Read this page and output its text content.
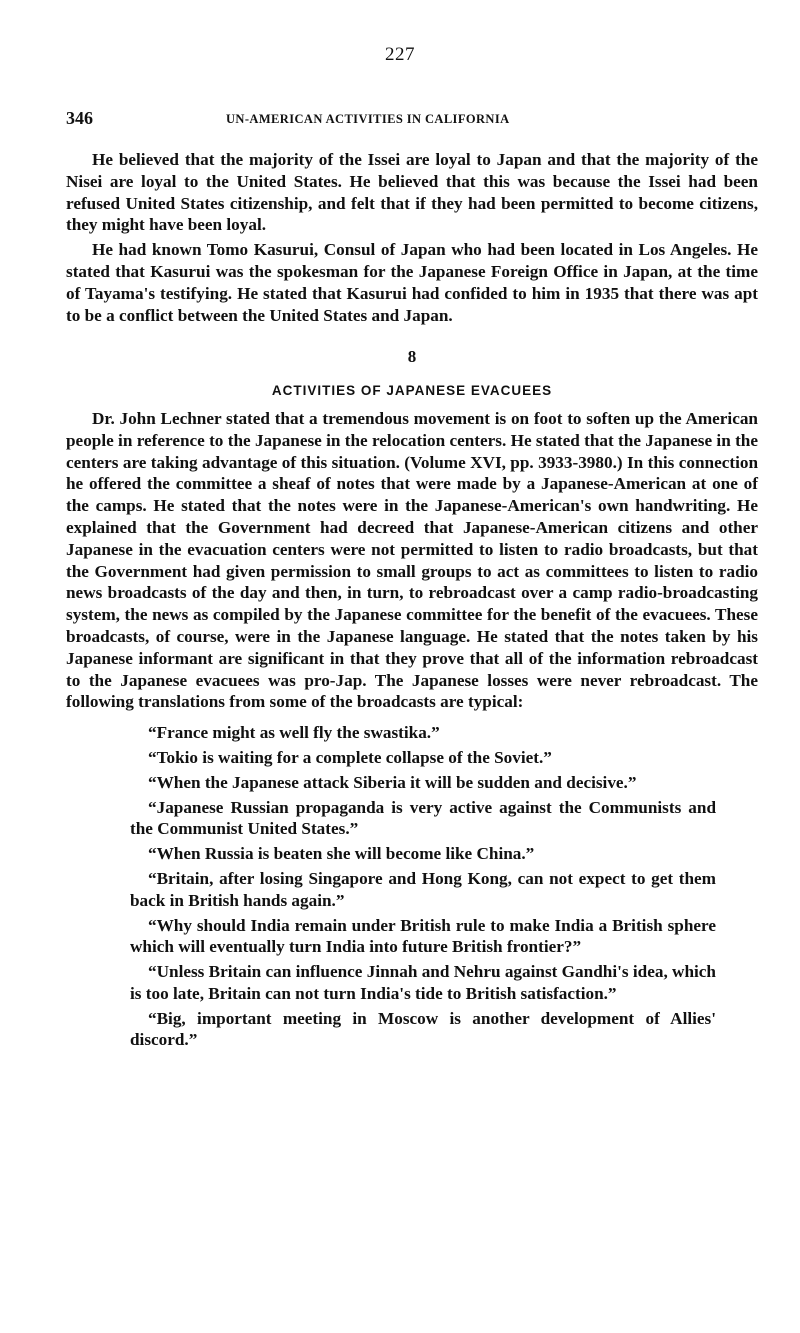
227
346	UN-AMERICAN ACTIVITIES IN CALIFORNIA

He believed that the majority of the Issei are loyal to Japan and that the majority of the Nisei are loyal to the United States. He believed that this was because the Issei had been refused United States citizenship, and felt that if they had been permitted to become citizens, they might have been loyal.

He had known Tomo Kasurui, Consul of Japan who had been located in Los Angeles. He stated that Kasurui was the spokesman for the Japanese Foreign Office in Japan, at the time of Tayama's testifying. He stated that Kasurui had confided to him in 1935 that there was apt to be a conflict between the United States and Japan.

8
ACTIVITIES OF JAPANESE EVACUEES

Dr. John Lechner stated that a tremendous movement is on foot to soften up the American people in reference to the Japanese in the relocation centers. He stated that the Japanese in the centers are taking advantage of this situation. (Volume XVI, pp. 3933-3980.) In this connection he offered the committee a sheaf of notes that were made by a Japanese-American at one of the camps. He stated that the notes were in the Japanese-American's own handwriting. He explained that the Government had decreed that Japanese-American citizens and other Japanese in the evacuation centers were not permitted to listen to radio broadcasts, but that the Government had given permission to small groups to act as committees to listen to radio news broadcasts of the day and then, in turn, to rebroadcast over a camp radio-broadcasting system, the news as compiled by the Japanese committee for the benefit of the evacuees. These broadcasts, of course, were in the Japanese language. He stated that the notes taken by his Japanese informant are significant in that they prove that all of the information rebroadcast to the Japanese evacuees was pro-Jap. The Japanese losses were never rebroadcast. The following translations from some of the broadcasts are typical:

“France might as well fly the swastika.”

“Tokio is waiting for a complete collapse of the Soviet.”

“When the Japanese attack Siberia it will be sudden and decisive.”

“Japanese Russian propaganda is very active against the Communists and the Communist United States.”

“When Russia is beaten she will become like China.”

“Britain, after losing Singapore and Hong Kong, can not expect to get them back in British hands again.”

“Why should India remain under British rule to make India a British sphere which will eventually turn India into future British frontier?”

“Unless Britain can influence Jinnah and Nehru against Gandhi's idea, which is too late, Britain can not turn India's tide to British satisfaction.”

“Big, important meeting in Moscow is another development of Allies' discord.”
